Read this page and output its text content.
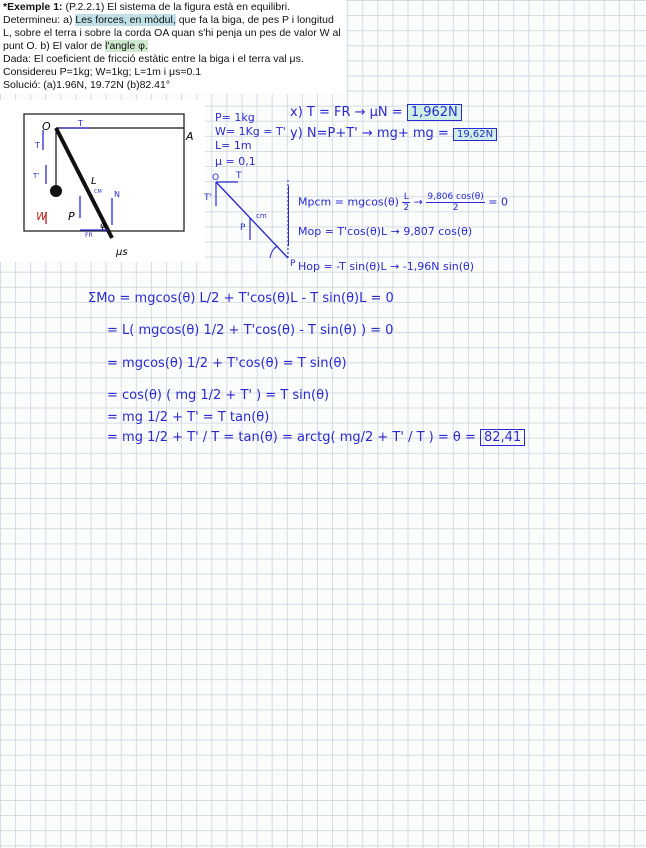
*Exemple 1: (P.2.2.1) El sistema de la figura està en equilibri. Determineu: a) Les forces, en mòdul, que fa la biga, de pes P i longitud L, sobre el terra i sobre la corda OA quan s'hi penja un pes de valor W al punt O. b) El valor de l'angle φ.

Dada: El coeficient de fricció estàtic entre la biga i el terra val μs.

Considereu P=1kg; W=1kg; L=1m i μs=0.1

Solució: (a)1.96N, 19.72N (b)82.41°

O
A
T
T
T'	L
CM N
W P
FR
φ
μs
P= 1kg
W= 1Kg = T'
L= 1m
μ = 0,1
x) T = FR → μN = 1,962N
y) N=P+T' → mg+ mg = 19,62N
O T
T'
P
cm
P
Mpcm = $mgcos(\theta) \frac{L}{2} \to \frac{9,806 \cos(\theta)}{2} = 0$
Mop = T'cos(θ)L → 9,807 cos(θ)
Hop = -T sin(θ)L → -1,96N sin(θ)
ΣMo = mgcos(θ) L/2 + T'cos(θ)L - T sin(θ)L = 0
= L( mgcos(θ) 1/2 + T'cos(θ) - T sin(θ) ) = 0
= mgcos(θ) 1/2 + T'cos(θ) = T sin(θ)
= cos(θ) ( mg 1/2 + T' ) = T sin(θ)
= mg 1/2 + T' = T tan(θ)
= mg 1/2 + T' / T = tan(θ) = arctg( mg/2 + T' / T ) = θ = 82,41
